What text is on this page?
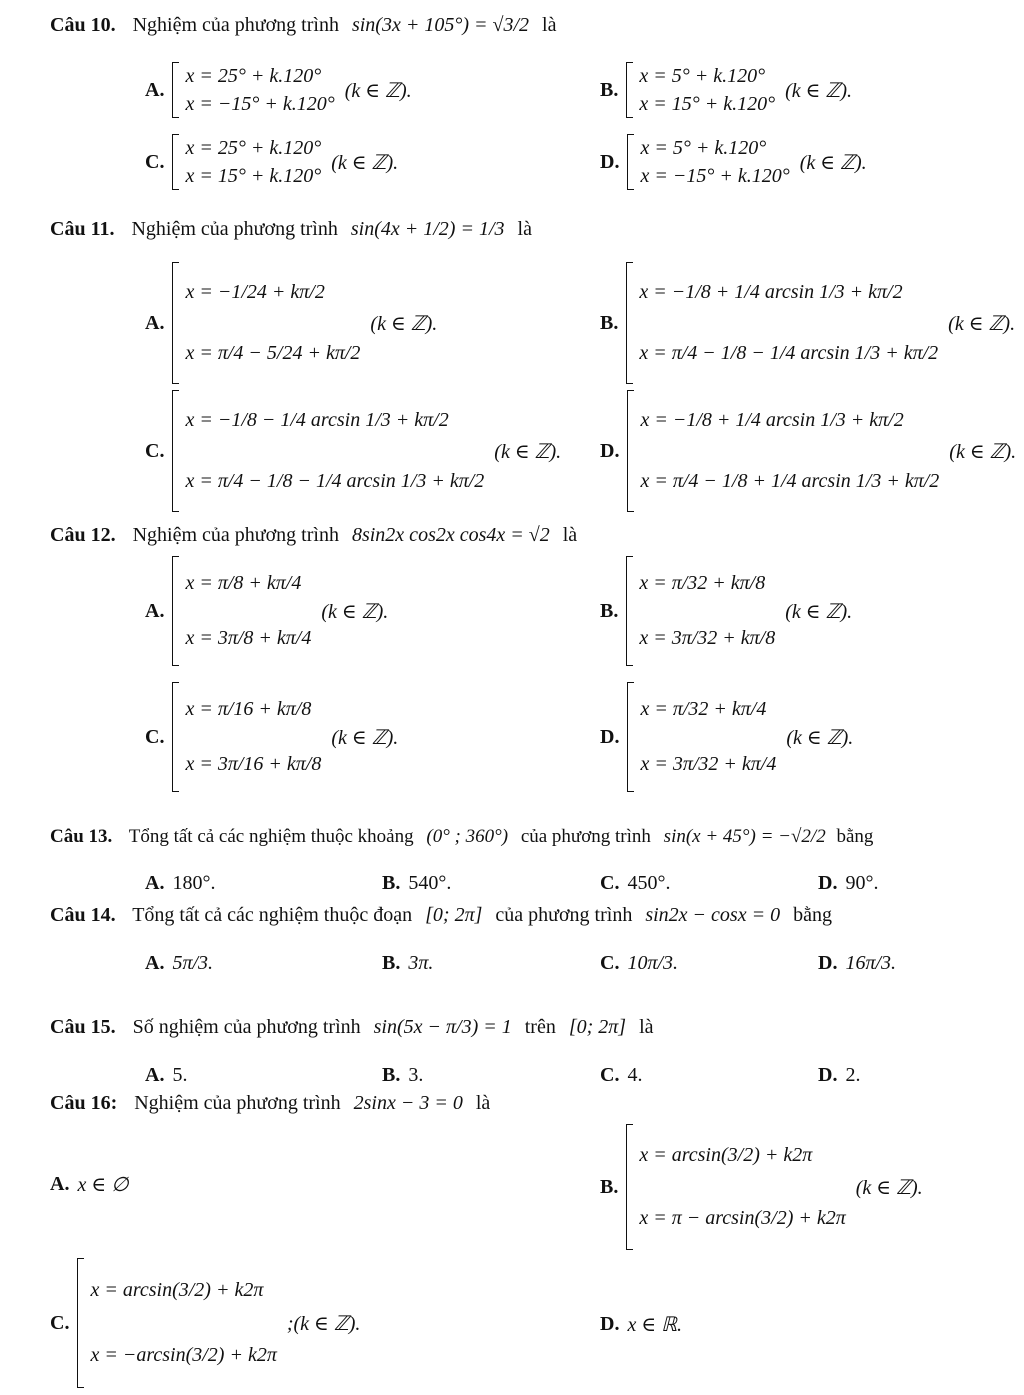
Câu 10. Nghiệm của phương trình sin(3x + 105°) = √3/2 là
A.
x = 25° + k.120°
x = −15° + k.120°
(k ∈ ℤ).	B.
x = 5° + k.120°
x = 15° + k.120°
(k ∈ ℤ).
C.
x = 25° + k.120°
x = 15° + k.120°
(k ∈ ℤ).	D.
x = 5° + k.120°
x = −15° + k.120°
(k ∈ ℤ).
Câu 11. Nghiệm của phương trình sin(4x + 1/2) = 1/3 là
A.
x = −1/24 + kπ/2
x = π/4 − 5/24 + kπ/2
(k ∈ ℤ).	B.
x = −1/8 + 1/4 arcsin 1/3 + kπ/2
x = π/4 − 1/8 − 1/4 arcsin 1/3 + kπ/2
(k ∈ ℤ).
C.
x = −1/8 − 1/4 arcsin 1/3 + kπ/2
x = π/4 − 1/8 − 1/4 arcsin 1/3 + kπ/2
(k ∈ ℤ). D.
x = −1/8 + 1/4 arcsin 1/3 + kπ/2
x = π/4 − 1/8 + 1/4 arcsin 1/3 + kπ/2
(k ∈ ℤ).
Câu 12. Nghiệm của phương trình 8sin2x cos2x cos4x = √2 là
A.
x = π/8 + kπ/4
x = 3π/8 + kπ/4
(k ∈ ℤ).	B.
x = π/32 + kπ/8
x = 3π/32 + kπ/8
(k ∈ ℤ).
C.
x = π/16 + kπ/8
x = 3π/16 + kπ/8
(k ∈ ℤ).	D.
x = π/32 + kπ/4
x = 3π/32 + kπ/4
(k ∈ ℤ).
Câu 13. Tổng tất cả các nghiệm thuộc khoảng (0° ; 360°) của phương trình sin(x + 45°) = −√2/2 bằng
A. 180°.	B. 540°.	C. 450°.	D. 90°.
Câu 14. Tổng tất cả các nghiệm thuộc đoạn [0; 2π] của phương trình sin2x − cosx = 0 bằng
A. 5π/3.	B. 3π.	C. 10π/3.	D. 16π/3.
Câu 15. Số nghiệm của phương trình sin(5x − π/3) = 1 trên [0; 2π] là
A. 5.	B. 3.	C. 4.	D. 2.
Câu 16: Nghiệm của phương trình 2sinx − 3 = 0 là
A. x ∈ ∅	B.
x = arcsin(3/2) + k2π
x = π − arcsin(3/2) + k2π
(k ∈ ℤ).
C.
x = arcsin(3/2) + k2π
x = −arcsin(3/2) + k2π
;(k ∈ ℤ).	D. x ∈ ℝ.
